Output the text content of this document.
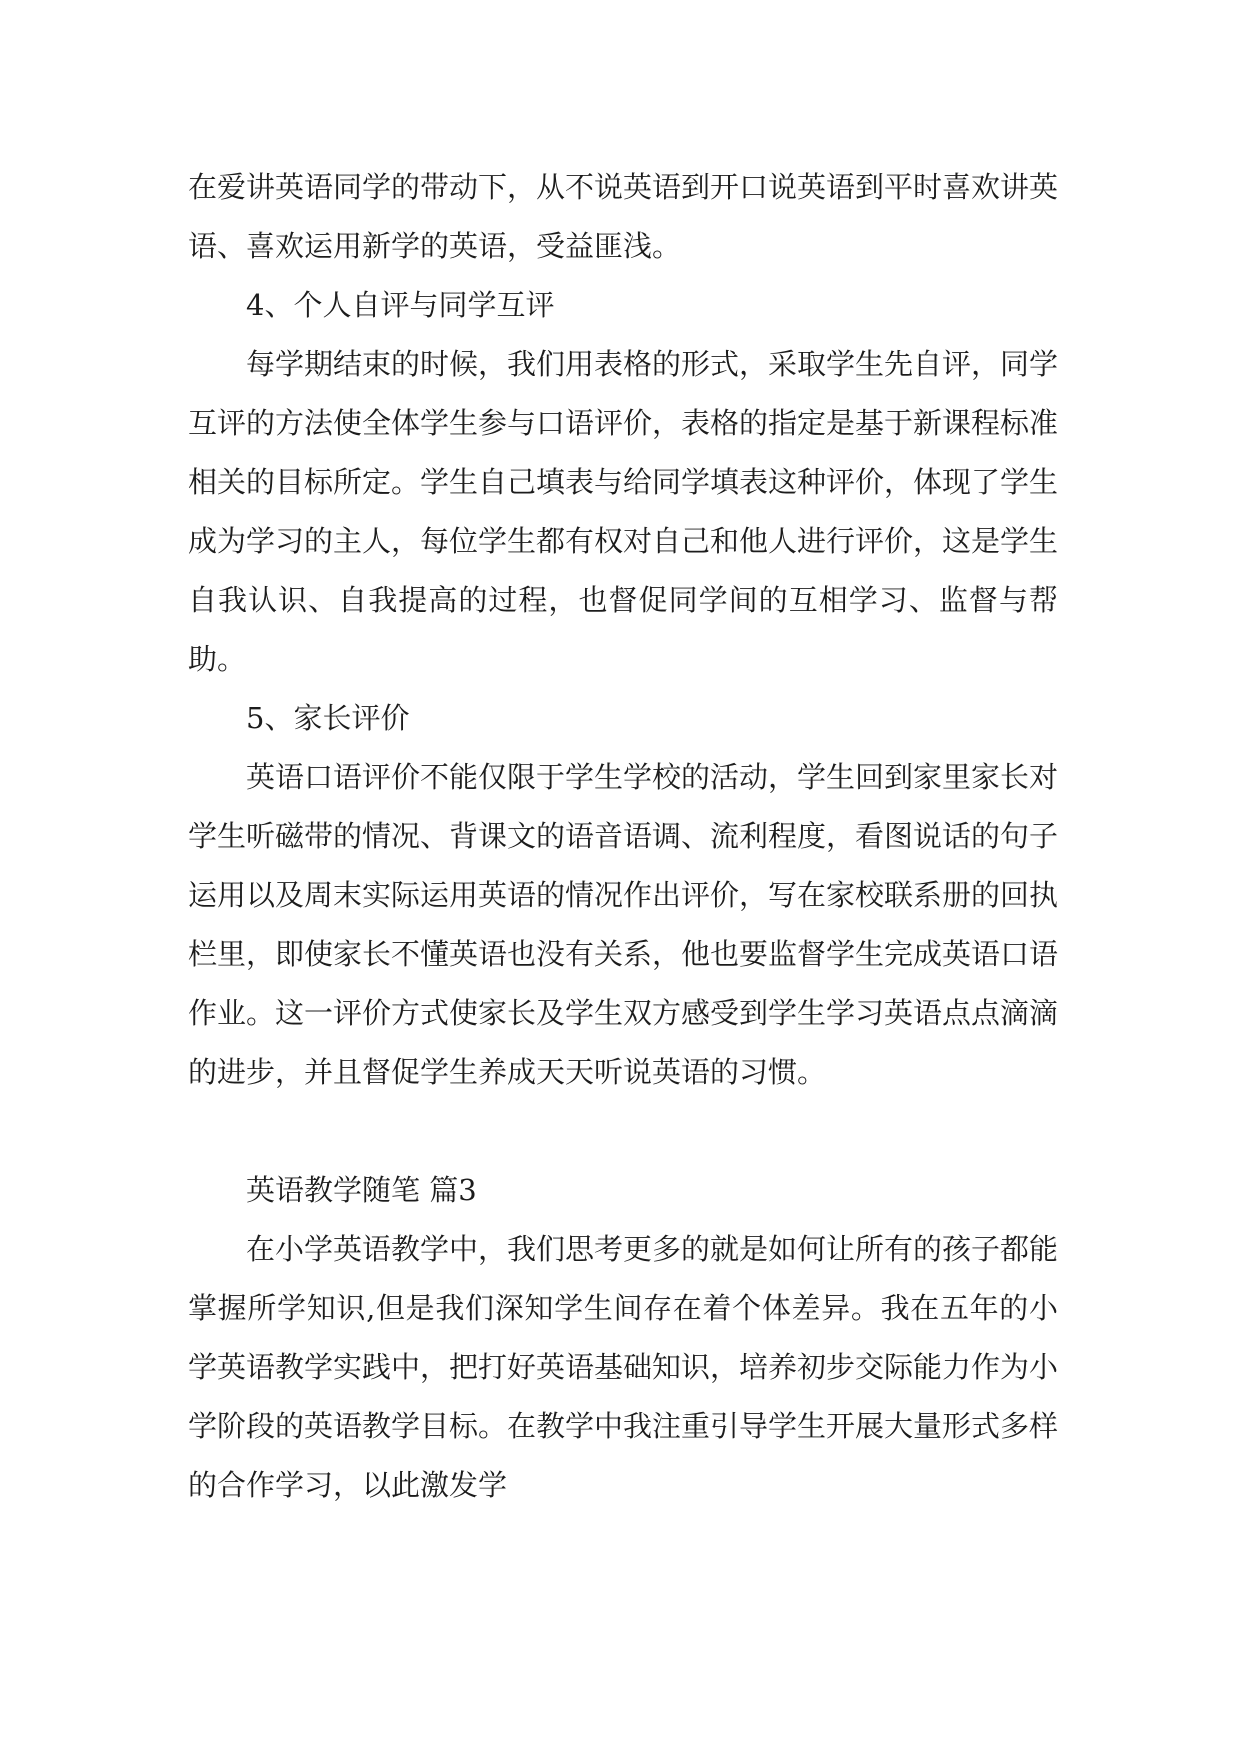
在爱讲英语同学的带动下，从不说英语到开口说英语到平时喜欢讲英语、喜欢运用新学的英语，受益匪浅。

4、个人自评与同学互评

每学期结束的时候，我们用表格的形式，采取学生先自评，同学互评的方法使全体学生参与口语评价，表格的指定是基于新课程标准相关的目标所定。学生自己填表与给同学填表这种评价，体现了学生成为学习的主人，每位学生都有权对自己和他人进行评价，这是学生自我认识、自我提高的过程，也督促同学间的互相学习、监督与帮助。

5、家长评价

英语口语评价不能仅限于学生学校的活动，学生回到家里家长对学生听磁带的情况、背课文的语音语调、流利程度，看图说话的句子运用以及周末实际运用英语的情况作出评价，写在家校联系册的回执栏里，即使家长不懂英语也没有关系，他也要监督学生完成英语口语作业。这一评价方式使家长及学生双方感受到学生学习英语点点滴滴的进步，并且督促学生养成天天听说英语的习惯。

英语教学随笔 篇3

在小学英语教学中，我们思考更多的就是如何让所有的孩子都能掌握所学知识,但是我们深知学生间存在着个体差异。我在五年的小学英语教学实践中，把打好英语基础知识，培养初步交际能力作为小学阶段的英语教学目标。在教学中我注重引导学生开展大量形式多样的合作学习，以此激发学
